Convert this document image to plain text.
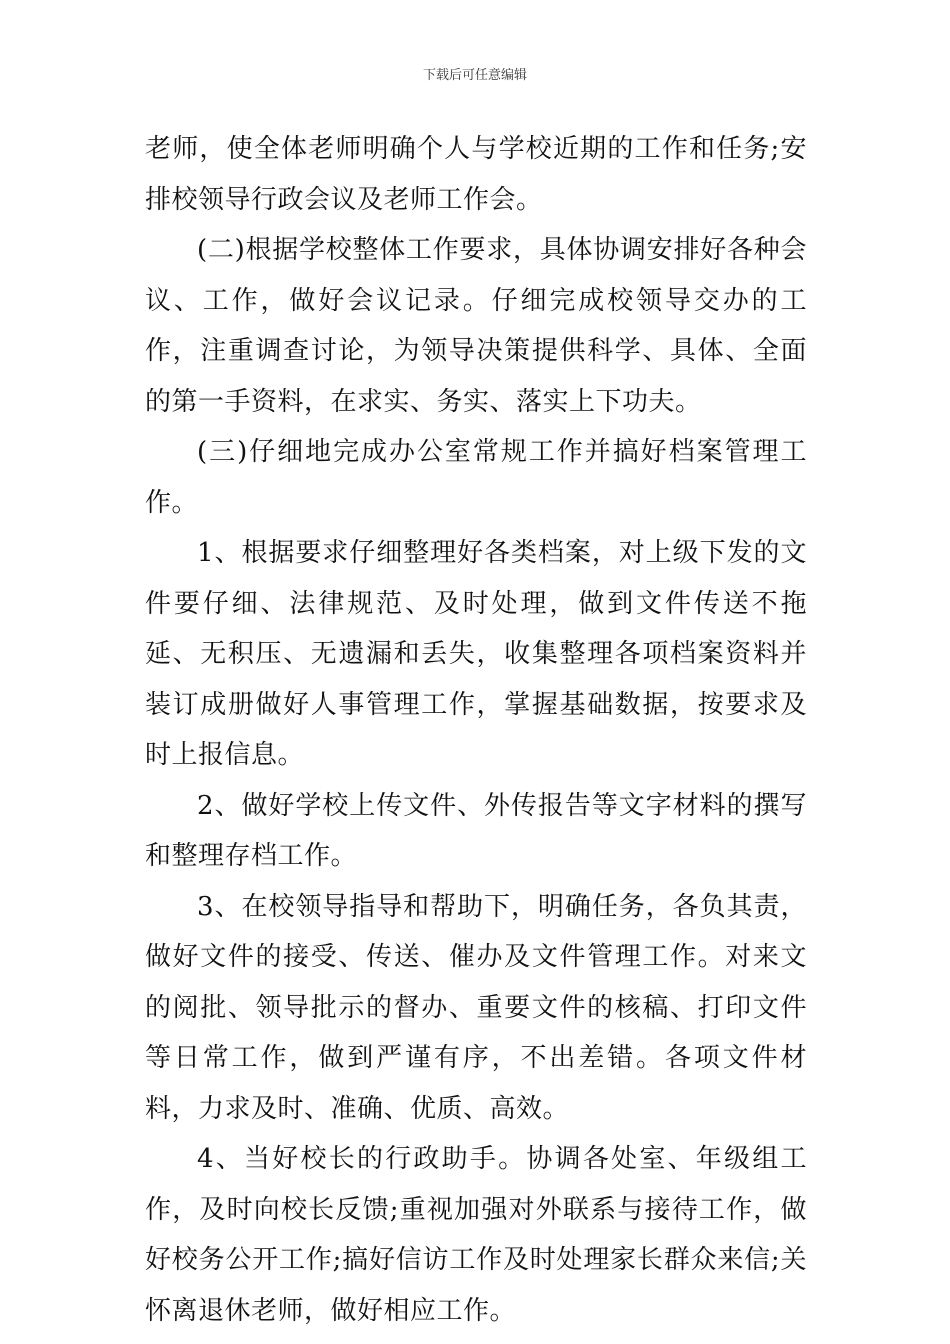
下载后可任意编辑

老师，使全体老师明确个人与学校近期的工作和任务;安排校领导行政会议及老师工作会。

(二)根据学校整体工作要求，具体协调安排好各种会议、工作，做好会议记录。仔细完成校领导交办的工作，注重调查讨论，为领导决策提供科学、具体、全面的第一手资料，在求实、务实、落实上下功夫。

(三)仔细地完成办公室常规工作并搞好档案管理工作。

1、根据要求仔细整理好各类档案，对上级下发的文件要仔细、法律规范、及时处理，做到文件传送不拖延、无积压、无遗漏和丢失，收集整理各项档案资料并装订成册做好人事管理工作，掌握基础数据，按要求及时上报信息。

2、做好学校上传文件、外传报告等文字材料的撰写和整理存档工作。

3、在校领导指导和帮助下，明确任务，各负其责，做好文件的接受、传送、催办及文件管理工作。对来文的阅批、领导批示的督办、重要文件的核稿、打印文件等日常工作，做到严谨有序，不出差错。各项文件材料，力求及时、准确、优质、高效。

4、当好校长的行政助手。协调各处室、年级组工作，及时向校长反馈;重视加强对外联系与接待工作，做好校务公开工作;搞好信访工作及时处理家长群众来信;关怀离退休老师，做好相应工作。
